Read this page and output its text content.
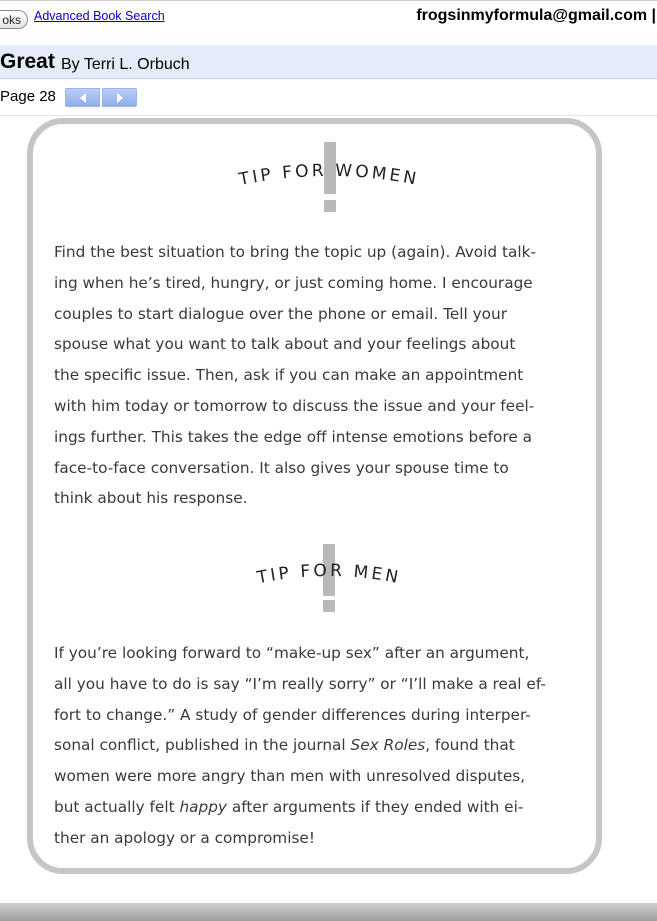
oks	Advanced Book Search	frogsinmyformula@gmail.com |
Great By Terri L. Orbuch
Page 28
TIP FOR WOMEN
Find the best situation to bring the topic up (again). Avoid talk-
ing when he’s tired, hungry, or just coming home. I encourage
couples to start dialogue over the phone or email. Tell your
spouse what you want to talk about and your feelings about
the specific issue. Then, ask if you can make an appointment
with him today or tomorrow to discuss the issue and your feel-
ings further. This takes the edge off intense emotions before a
face-to-face conversation. It also gives your spouse time to
think about his response.
TIP FOR MEN
If you’re looking forward to “make-up sex” after an argument,
all you have to do is say “I’m really sorry” or “I’ll make a real ef-
fort to change.” A study of gender differences during interper-
sonal conflict, published in the journal Sex Roles, found that
women were more angry than men with unresolved disputes,
but actually felt happy after arguments if they ended with ei-
ther an apology or a compromise!
